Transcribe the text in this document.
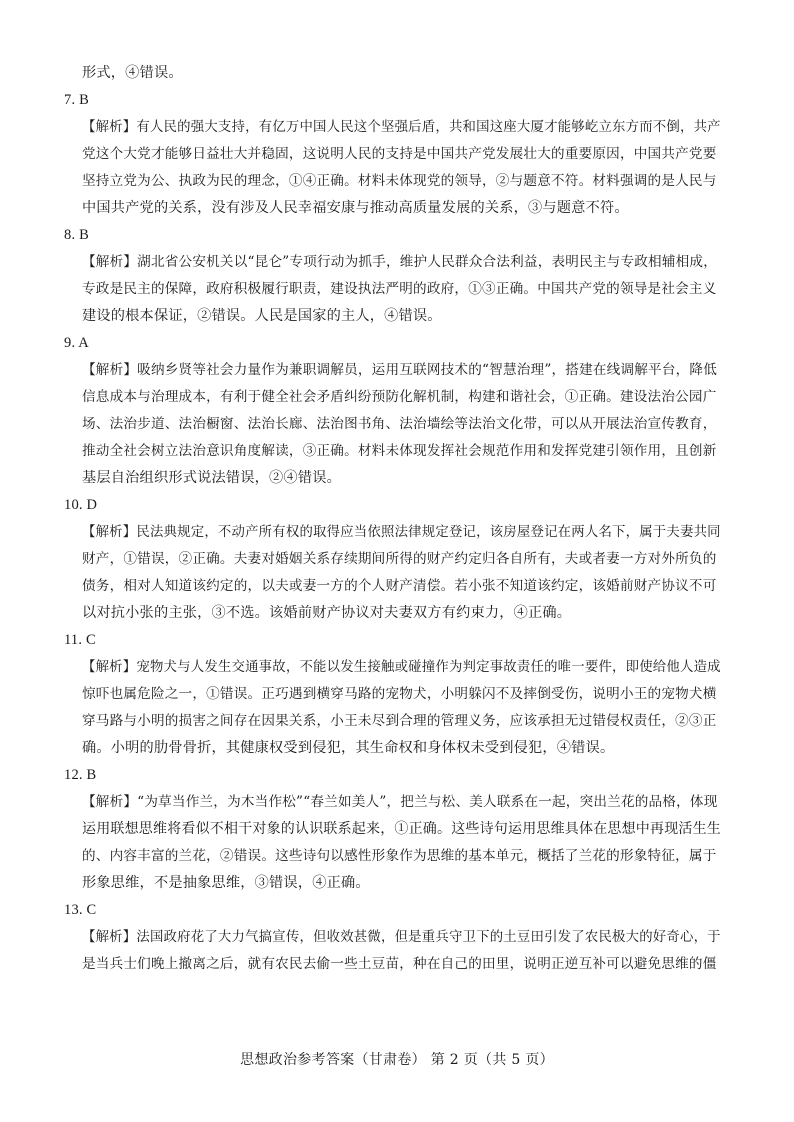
形式，④错误。
7. B
【解析】有人民的强大支持，有亿万中国人民这个坚强后盾，共和国这座大厦才能够屹立东方而不倒，共产
党这个大党才能够日益壮大并稳固，这说明人民的支持是中国共产党发展壮大的重要原因，中国共产党要
坚持立党为公、执政为民的理念，①④正确。材料未体现党的领导，②与题意不符。材料强调的是人民与
中国共产党的关系，没有涉及人民幸福安康与推动高质量发展的关系，③与题意不符。
8. B
【解析】湖北省公安机关以“昆仑”专项行动为抓手，维护人民群众合法利益，表明民主与专政相辅相成，
专政是民主的保障，政府积极履行职责，建设执法严明的政府，①③正确。中国共产党的领导是社会主义
建设的根本保证，②错误。人民是国家的主人，④错误。
9. A
【解析】吸纳乡贤等社会力量作为兼职调解员，运用互联网技术的“智慧治理”，搭建在线调解平台，降低
信息成本与治理成本，有利于健全社会矛盾纠纷预防化解机制，构建和谐社会，①正确。建设法治公园广
场、法治步道、法治橱窗、法治长廊、法治图书角、法治墙绘等法治文化带，可以从开展法治宣传教育，
推动全社会树立法治意识角度解读，③正确。材料未体现发挥社会规范作用和发挥党建引领作用，且创新
基层自治组织形式说法错误，②④错误。
10. D
【解析】民法典规定，不动产所有权的取得应当依照法律规定登记，该房屋登记在两人名下，属于夫妻共同
财产，①错误，②正确。夫妻对婚姻关系存续期间所得的财产约定归各自所有，夫或者妻一方对外所负的
债务，相对人知道该约定的，以夫或妻一方的个人财产清偿。若小张不知道该约定，该婚前财产协议不可
以对抗小张的主张，③不选。该婚前财产协议对夫妻双方有约束力，④正确。
11. C
【解析】宠物犬与人发生交通事故，不能以发生接触或碰撞作为判定事故责任的唯一要件，即使给他人造成
惊吓也属危险之一，①错误。正巧遇到横穿马路的宠物犬，小明躲闪不及摔倒受伤，说明小王的宠物犬横
穿马路与小明的损害之间存在因果关系，小王未尽到合理的管理义务，应该承担无过错侵权责任，②③正
确。小明的肋骨骨折，其健康权受到侵犯，其生命权和身体权未受到侵犯，④错误。
12. B
【解析】“为草当作兰，为木当作松”“春兰如美人”，把兰与松、美人联系在一起，突出兰花的品格，体现
运用联想思维将看似不相干对象的认识联系起来，①正确。这些诗句运用思维具体在思想中再现活生生
的、内容丰富的兰花，②错误。这些诗句以感性形象作为思维的基本单元，概括了兰花的形象特征，属于
形象思维，不是抽象思维，③错误，④正确。
13. C
【解析】法国政府花了大力气搞宣传，但收效甚微，但是重兵守卫下的土豆田引发了农民极大的好奇心，于
是当兵士们晚上撤离之后，就有农民去偷一些土豆苗，种在自己的田里，说明正逆互补可以避免思维的僵
思想政治参考答案（甘肃卷） 第 2 页（共 5 页）
